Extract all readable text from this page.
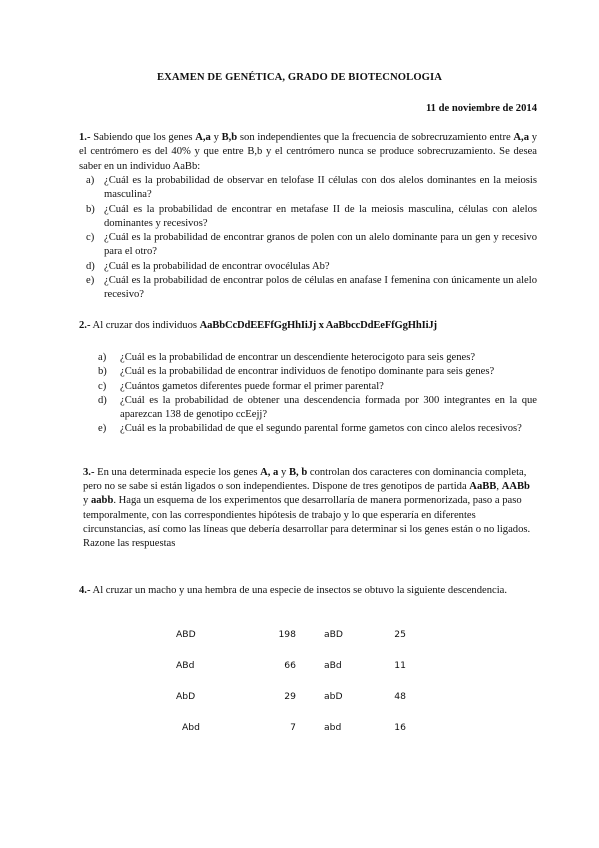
EXAMEN DE GENÉTICA, GRADO DE BIOTECNOLOGIA
11 de noviembre de 2014
1.- Sabiendo que los genes A,a y B,b son independientes que la frecuencia de sobrecruzamiento entre A,a y el centrómero es del 40% y que entre B,b y el centrómero nunca se produce sobrecruzamiento. Se desea saber en un individuo AaBb:
a) ¿Cuál es la probabilidad de observar en telofase II células con dos alelos dominantes en la meiosis masculina?
b) ¿Cuál es la probabilidad de encontrar en metafase II de la meiosis masculina, células con alelos dominantes y recesivos?
c) ¿Cuál es la probabilidad de encontrar granos de polen con un alelo dominante para un gen y recesivo para el otro?
d) ¿Cuál es la probabilidad de encontrar ovocélulas Ab?
e) ¿Cuál es la probabilidad de encontrar polos de células en anafase I femenina con únicamente un alelo recesivo?
2.- Al cruzar dos individuos AaBbCcDdEEFfGgHhIiJj x AaBbccDdEeFfGgHhIiJj
a) ¿Cuál es la probabilidad de encontrar un descendiente heterocigoto para seis genes?
b) ¿Cuál es la probabilidad de encontrar individuos de fenotipo dominante para seis genes?
c) ¿Cuántos gametos diferentes puede formar el primer parental?
d) ¿Cuál es la probabilidad de obtener una descendencia formada por 300 integrantes en la que aparezcan 138 de genotipo ccEejj?
e) ¿Cuál es la probabilidad de que el segundo parental forme gametos con cinco alelos recesivos?
3.- En una determinada especie los genes A, a y B, b controlan dos caracteres con dominancia completa, pero no se sabe si están ligados o son independientes. Dispone de tres genotipos de partida AaBB, AABb y aabb. Haga un esquema de los experimentos que desarrollaría de manera pormenorizada, paso a paso temporalmente, con las correspondientes hipótesis de trabajo y lo que esperaría en diferentes circunstancias, así como las líneas que debería desarrollar para determinar si los genes están o no ligados. Razone las respuestas
4.- Al cruzar un macho y una hembra de una especie de insectos se obtuvo la siguiente descendencia.
ABD	198	aBD	25
ABd	66	aBd	11
AbD	29	abD	48
Abd	7	abd	16
